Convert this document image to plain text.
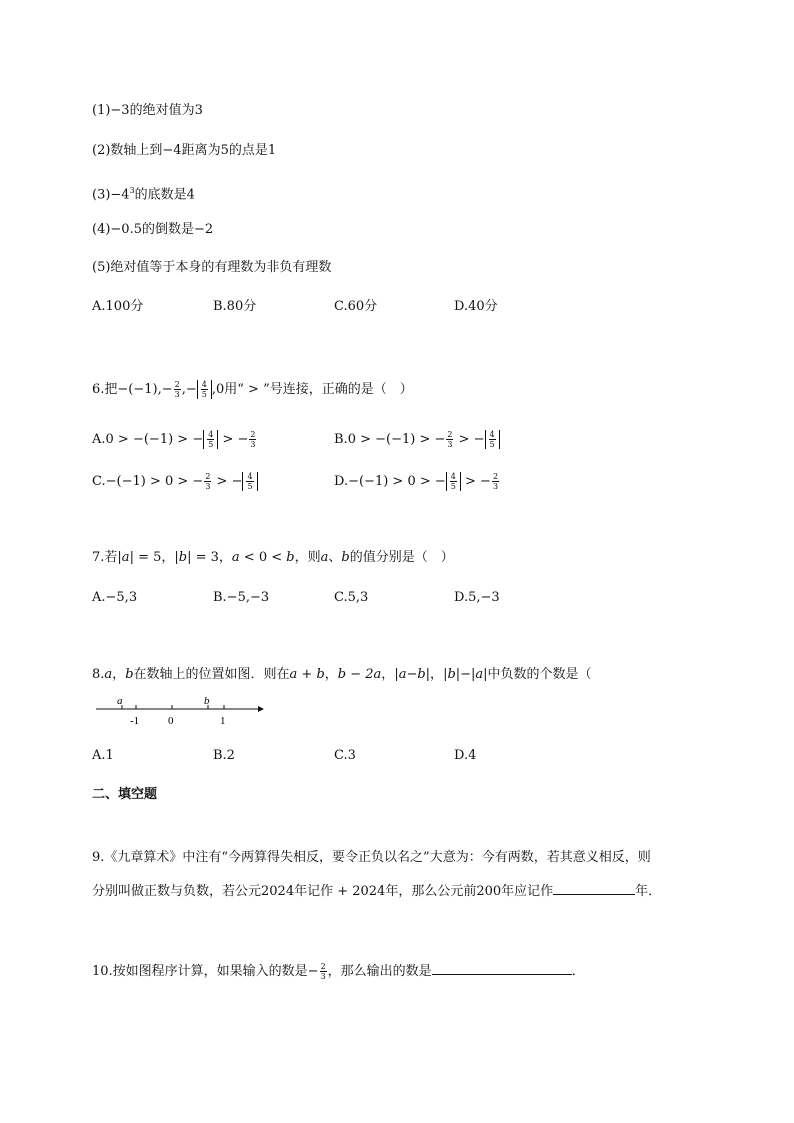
(1)−3的绝对值为3
(2)数轴上到−4距离为5的点是1
$(3)-4^3$的底数是4
(4)−0.5的倒数是−2
(5)绝对值等于本身的有理数为非负有理数
A.100分	B.80分	C.60分	D.40分
6.把$-(-1),- \frac{2}{3}$ ,− $\frac{4}{5} ,0$用“ > ”号连接，正确的是（　）
A.0 > −(−1) > − $\frac{4}{5}$ > − $\frac{2}{3}$	B.0 > −(−1) > − $\frac{2}{3}$ > − $\frac{4}{5}$
C.−(−1) > 0 > − $\frac{2}{3}$ > − $\frac{4}{5}$	D.−(−1) > 0 > − $\frac{4}{5}$ > − $\frac{2}{3}$
7.若|a| = 5，|b| = 3，a < 0 < b，则a、b的值分别是（　）
A.−5,3	B.−5,−3	C.5,3	D.5,−3
8.a，b在数轴上的位置如图．则在a + b，b − 2a，|a−b|，|b|−|a|中负数的个数是（
a	b
-1	0	1
A.1	B.2	C.3	D.4
二、填空题
9.《九章算术》中注有“今两算得失相反，要令正负以名之”大意为：今有两数，若其意义相反，则
分别叫做正数与负数，若公元2024年记作 + 2024年，那么公元前200年应记作	年．
10.按如图程序计算，如果输入的数是− $\frac{2}{3}$ ，那么输出的数是	．
